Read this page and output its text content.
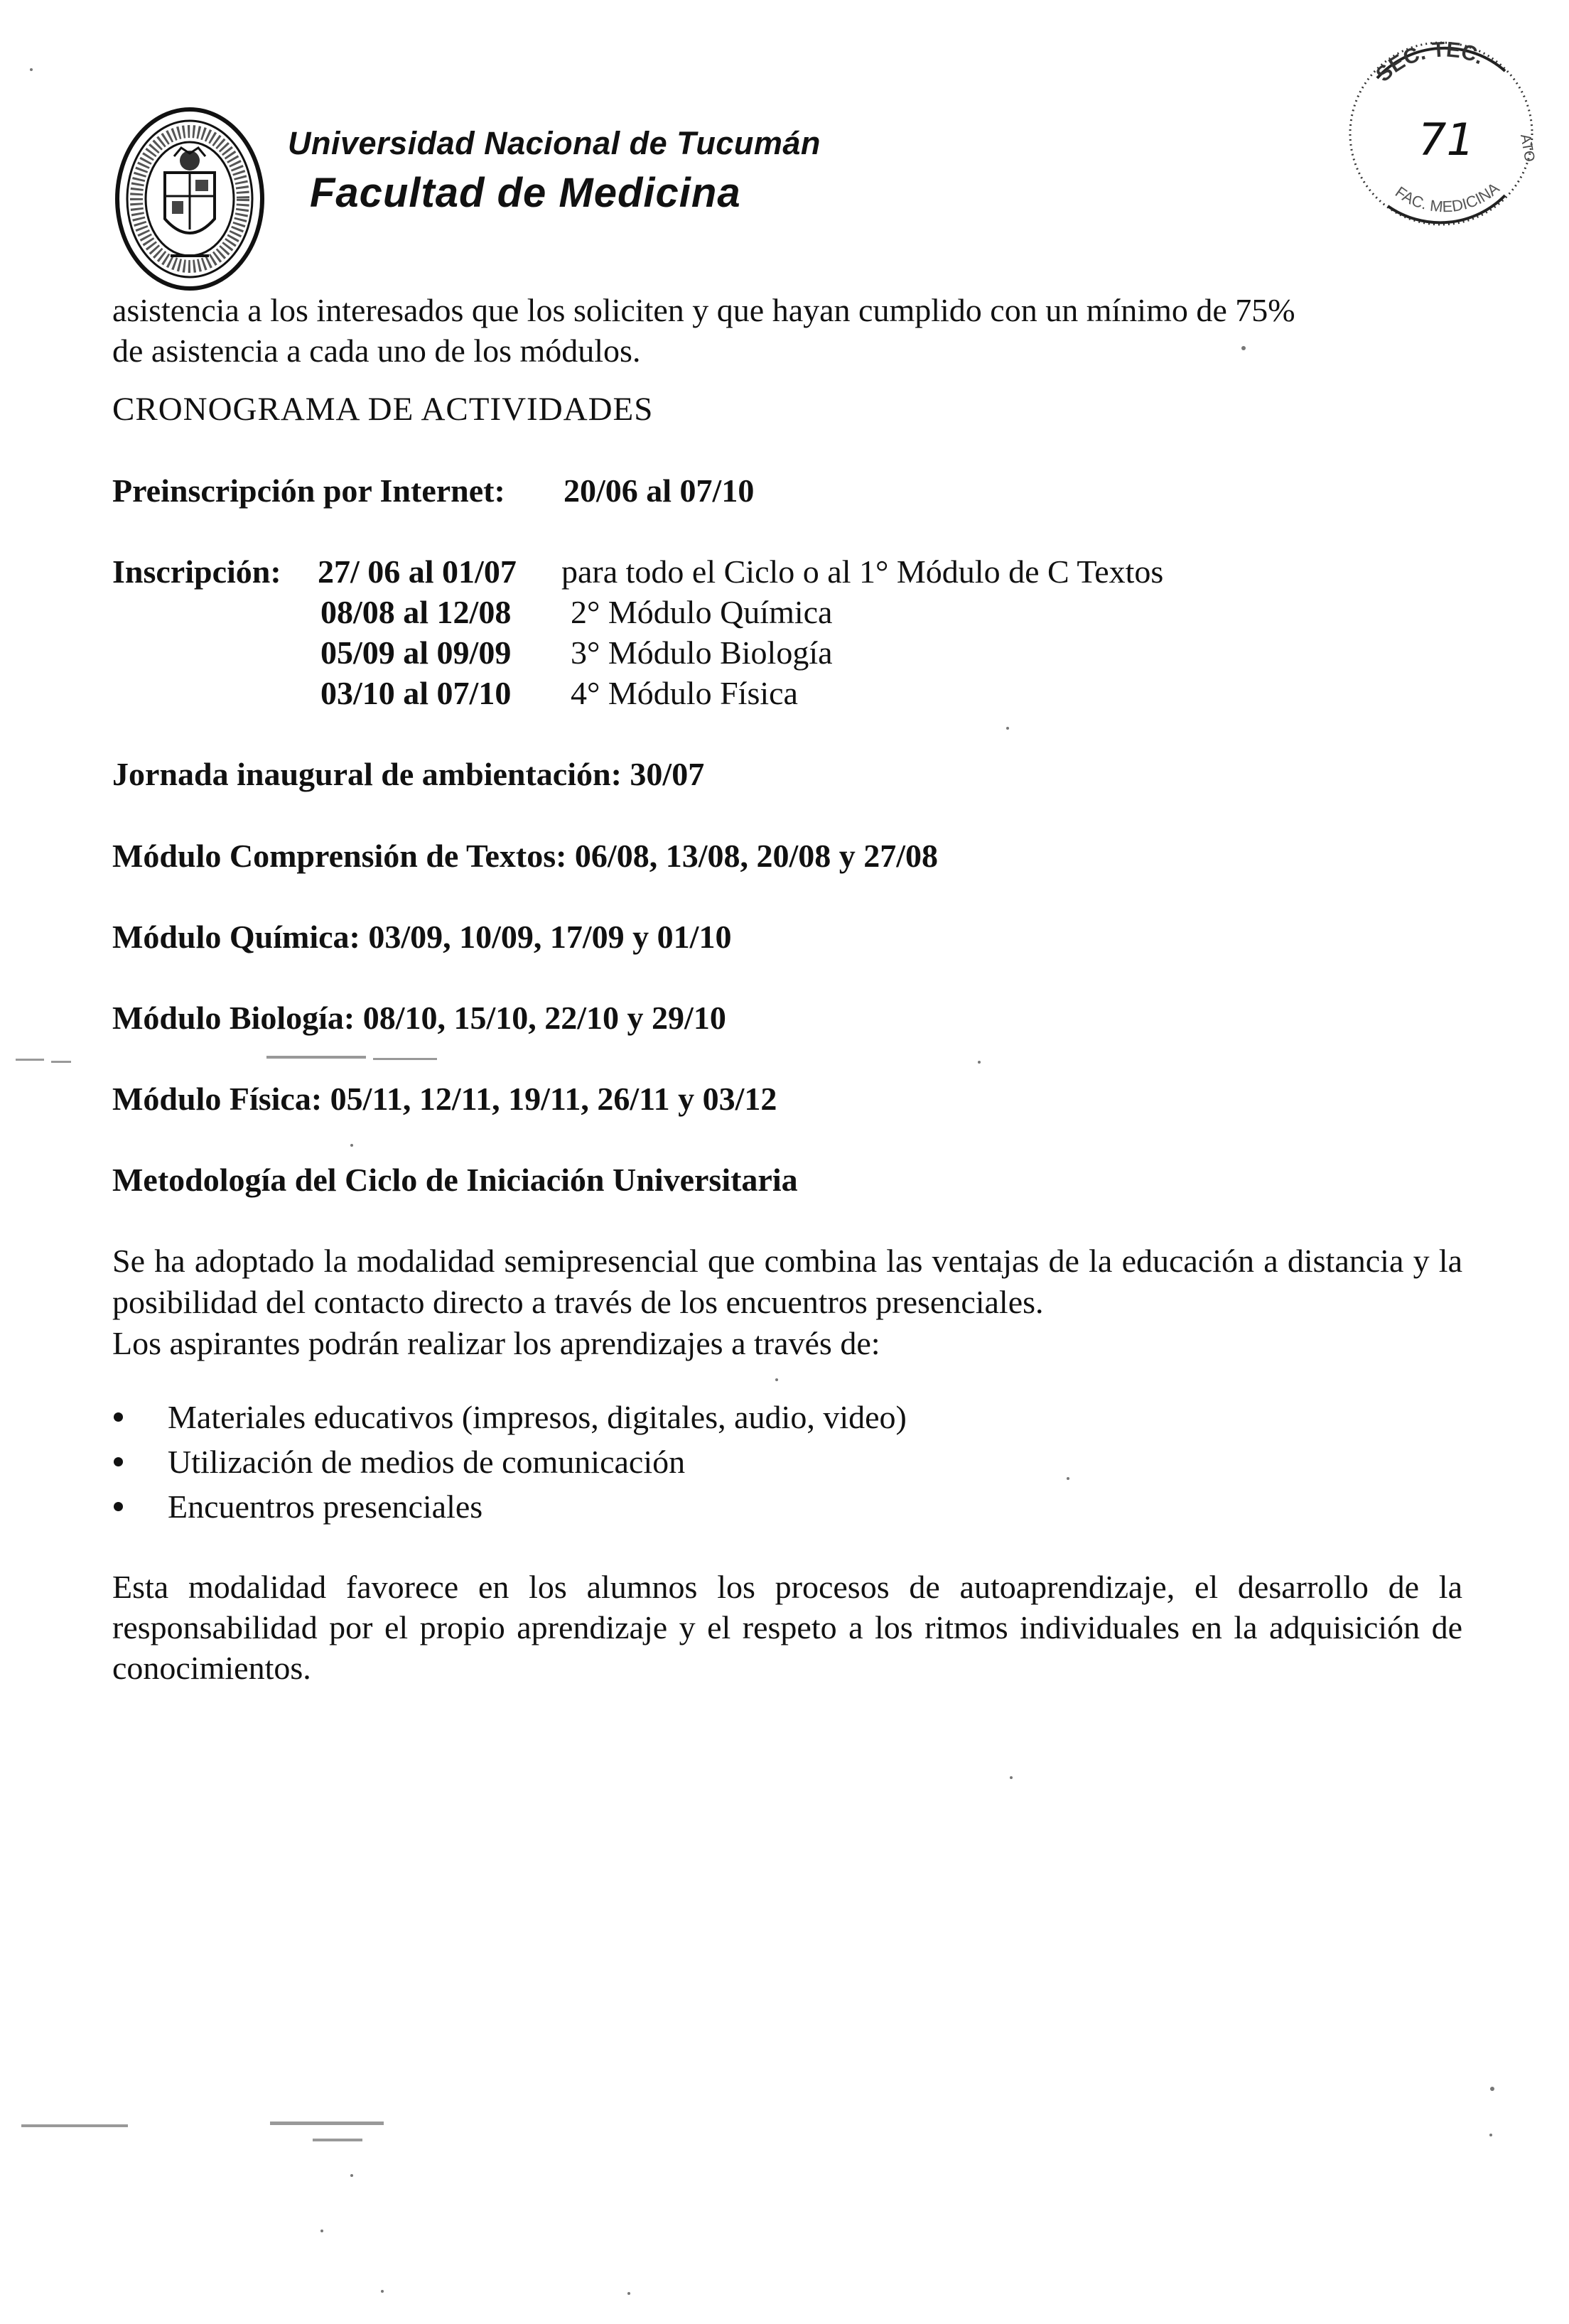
Universidad Nacional de Tucumán
Facultad de Medicina
SEC. TEC.
FAC. MEDICINA
ATO
71
asistencia a los interesados que los soliciten y que hayan cumplido con un mínimo de 75%
de asistencia a cada uno de los módulos.
CRONOGRAMA DE ACTIVIDADES
Preinscripción por Internet: 20/06 al 07/10
Inscripción: 27/ 06 al 01/07 para todo el Ciclo o al 1° Módulo de C Textos
08/08 al 12/08 2° Módulo Química
05/09 al 09/09 3° Módulo Biología
03/10 al 07/10 4° Módulo Física
Jornada inaugural de ambientación: 30/07
Módulo Comprensión de Textos: 06/08, 13/08, 20/08 y 27/08
Módulo Química: 03/09, 10/09, 17/09 y 01/10
Módulo Biología: 08/10, 15/10, 22/10 y 29/10
Módulo Física: 05/11, 12/11, 19/11, 26/11 y 03/12
Metodología del Ciclo de Iniciación Universitaria
Se ha adoptado la modalidad semipresencial que combina las ventajas de la educación a distancia y la posibilidad del contacto directo a través de los encuentros presenciales.
Los aspirantes podrán realizar los aprendizajes a través de:
Materiales educativos (impresos, digitales, audio, video)
Utilización de medios de comunicación
Encuentros presenciales
Esta modalidad favorece en los alumnos los procesos de autoaprendizaje, el desarrollo de la responsabilidad por el propio aprendizaje y el respeto a los ritmos individuales en la adquisición de conocimientos.
